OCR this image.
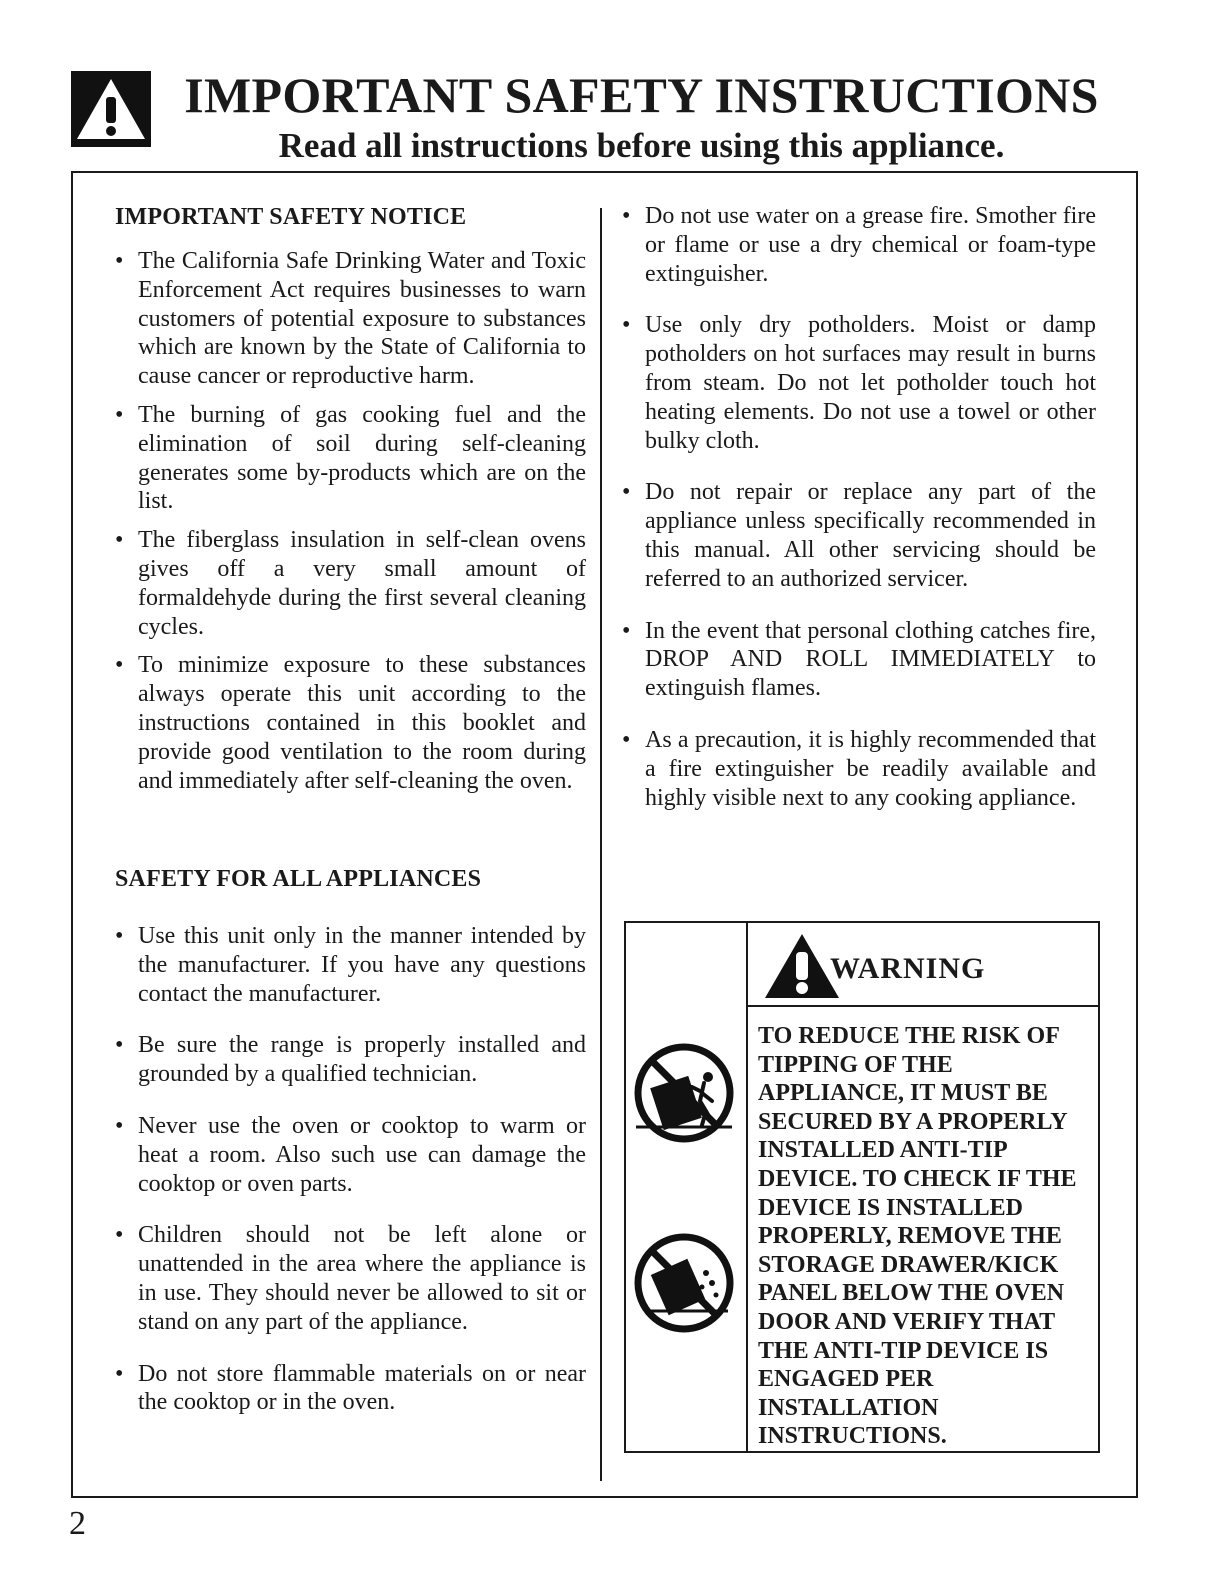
IMPORTANT SAFETY INSTRUCTIONS

Read all instructions before using this appliance.

IMPORTANT SAFETY NOTICE
• The California Safe Drinking Water and Toxic Enforcement Act requires businesses to warn customers of potential exposure to substances which are known by the State of California to cause cancer or reproductive harm.
• The burning of gas cooking fuel and the elimination of soil during self-cleaning generates some by-products which are on the list.
• The fiberglass insulation in self-clean ovens gives off a very small amount of formaldehyde during the first several cleaning cycles.
• To minimize exposure to these substances always operate this unit according to the instructions contained in this booklet and provide good ventilation to the room during and immediately after self-cleaning the oven.
SAFETY FOR ALL APPLIANCES
• Use this unit only in the manner intended by the manufacturer. If you have any questions contact the manufacturer.
• Be sure the range is properly installed and grounded by a qualified technician.
• Never use the oven or cooktop to warm or heat a room. Also such use can damage the cooktop or oven parts.
• Children should not be left alone or unattended in the area where the appliance is in use. They should never be allowed to sit or stand on any part of the appliance.
• Do not store flammable materials on or near the cooktop or in the oven.
• Do not use water on a grease fire. Smother fire or flame or use a dry chemical or foam-type extinguisher.
• Use only dry potholders. Moist or damp potholders on hot surfaces may result in burns from steam. Do not let potholder touch hot heating elements. Do not use a towel or other bulky cloth.
• Do not repair or replace any part of the appliance unless specifically recommended in this manual. All other servicing should be referred to an authorized servicer.
• In the event that personal clothing catches fire, DROP AND ROLL IMMEDIATELY to extinguish flames.
• As a precaution, it is highly recommended that a fire extinguisher be readily available and highly visible next to any cooking appliance.
WARNING
TO REDUCE THE RISK OF TIPPING OF THE APPLIANCE, IT MUST BE SECURED BY A PROPERLY INSTALLED ANTI-TIP DEVICE. TO CHECK IF THE DEVICE IS INSTALLED PROPERLY, REMOVE THE STORAGE DRAWER/KICK PANEL BELOW THE OVEN DOOR AND VERIFY THAT THE ANTI-TIP DEVICE IS ENGAGED PER INSTALLATION INSTRUCTIONS.
2
